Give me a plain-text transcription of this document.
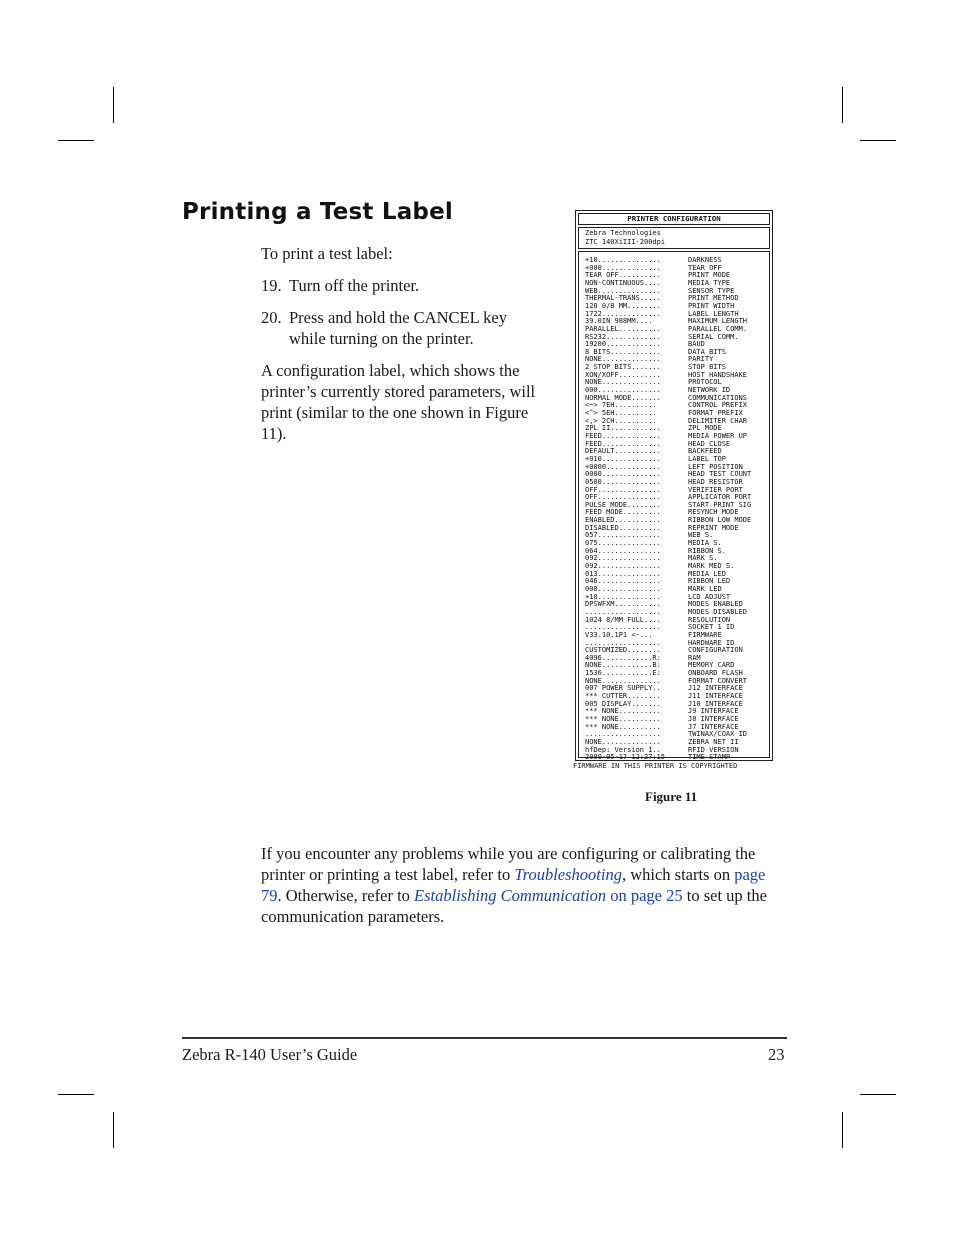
Printing a Test Label

To print a test label:

19. Turn off the printer.
20. Press and hold the CANCEL key while turning on the printer.

A configuration label, which shows the printer’s currently stored parameters, will print (similar to the one shown in Figure 11).

If you encounter any problems while you are configuring or calibrating the printer or printing a test label, refer to Troubleshooting, which starts on page 79. Otherwise, refer to Establishing Communication on page 25 to set up the communication parameters.

PRINTER CONFIGURATION
Zebra Technologies
ZTC 140XiIII-200dpi
+10...............	DARKNESS
+000..............	TEAR OFF
TEAR OFF..........	PRINT MODE
NON-CONTINUOUS....	MEDIA TYPE
WEB...............	SENSOR TYPE
THERMAL-TRANS.....	PRINT METHOD
128 0/8 MM........	PRINT WIDTH
1722..............	LABEL LENGTH
39.0IN 988MM....	MAXIMUM LENGTH
PARALLEL..........	PARALLEL COMM.
RS232.............	SERIAL COMM.
19200.............	BAUD
8 BITS............	DATA BITS
NONE..............	PARITY
2 STOP BITS.......	STOP BITS
XON/XOFF..........	HOST HANDSHAKE
NONE..............	PROTOCOL
000...............	NETWORK ID
NORMAL MODE.......	COMMUNICATIONS
<~> 7EH..........	CONTROL PREFIX
<^> 5EH..........	FORMAT PREFIX
<,> 2CH..........	DELIMITER CHAR
ZPL II............	ZPL MODE
FEED..............	MEDIA POWER UP
FEED..............	HEAD CLOSE
DEFAULT...........	BACKFEED
+010..............	LABEL TOP
+0000.............	LEFT POSITION
0000..............	HEAD TEST COUNT
0500..............	HEAD RESISTOR
OFF...............	VERIFIER PORT
OFF...............	APPLICATOR PORT
PULSE MODE........	START PRINT SIG
FEED MODE.........	RESYNCH MODE
ENABLED...........	RIBBON LOW MODE
DISABLED..........	REPRINT MODE
057...............	WEB S.
075...............	MEDIA S.
064...............	RIBBON S.
092...............	MARK S.
092...............	MARK MED S.
013...............	MEDIA LED
046...............	RIBBON LED
000...............	MARK LED
+10...............	LCD ADJUST
DPSWFXM...........	MODES ENABLED
..................	MODES DISABLED
1024 8/MM FULL....	RESOLUTION
..................	SOCKET 1 ID
V33.10.1P1 <-...	FIRMWARE
..................	HARDWARE ID
CUSTOMIZED........	CONFIGURATION
4096............R:	RAM
NONE............B:	MEMORY CARD
1536............E:	ONBOARD FLASH
NONE..............	FORMAT CONVERT
007 POWER SUPPLY..	J12 INTERFACE
*** CUTTER........	J11 INTERFACE
005 DISPLAY.......	J10 INTERFACE
*** NONE..........	J9 INTERFACE
*** NONE..........	J8 INTERFACE
*** NONE..........	J7 INTERFACE
..................	TWINAX/COAX ID
NONE..............	ZEBRA NET II
hfDep: Version 1..	RFID VERSION
2000-05-17 12:27:15	TIME STAMP
FIRMWARE IN THIS PRINTER IS COPYRIGHTED

Figure 11

Zebra R-140 User’s Guide	23
